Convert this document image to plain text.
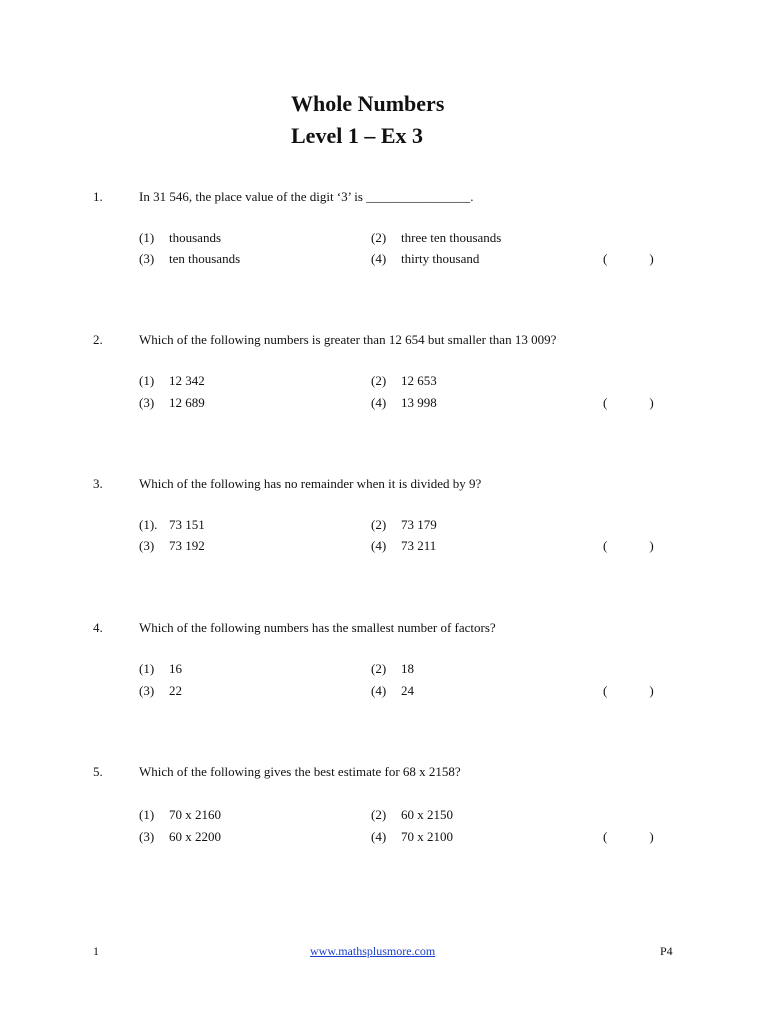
Whole Numbers
Level 1 – Ex 3
1.	In 31 546, the place value of the digit ‘3’ is ________________.
(1) thousands	(2) three ten thousands
(3) ten thousands	(4) thirty thousand	(	)
2.	Which of the following numbers is greater than 12 654 but smaller than 13 009?
(1) 12 342	(2) 12 653
(3) 12 689	(4) 13 998	(	)
3.	Which of the following has no remainder when it is divided by 9?
(1). 73 151	(2) 73 179
(3) 73 192	(4) 73 211	(	)
4.	Which of the following numbers has the smallest number of factors?
(1) 16	(2) 18
(3) 22	(4) 24	(	)
5.	Which of the following gives the best estimate for 68 x 2158?
(1) 70 x 2160	(2) 60 x 2150
(3) 60 x 2200	(4) 70 x 2100	(	)
1	www.mathsplusmore.com	P4
